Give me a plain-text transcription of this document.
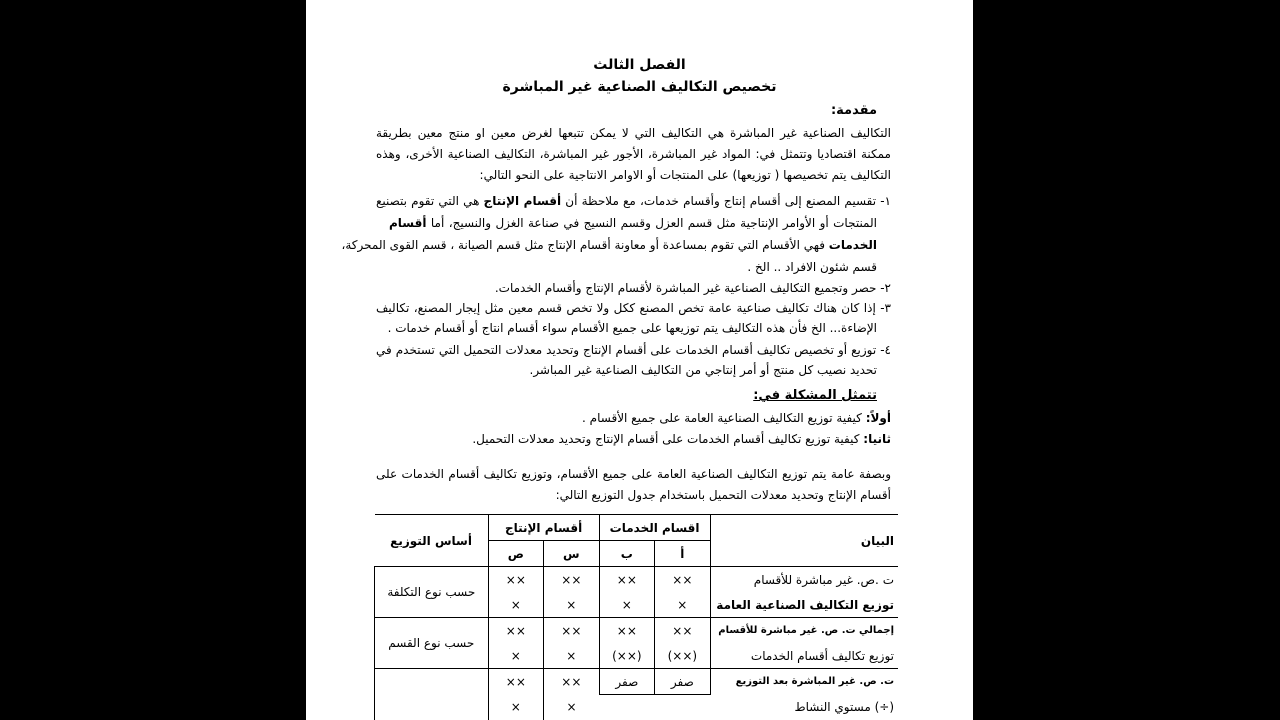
الفصل الثالث
تخصيص التكاليف الصناعية غير المباشرة
مقدمة:

التكاليف الصناعية غير المباشرة هي التكاليف التي لا يمكن تتبعها لغرض معين او منتج معين بطريقة

ممكنة اقتصاديا وتتمثل في: المواد غير المباشرة، الأجور غير المباشرة، التكاليف الصناعية الأخرى، وهذه

التكاليف يتم تخصيصها ( توزيعها) على المنتجات أو الاوامر الانتاجية على النحو التالي:

١- تقسيم المصنع إلى أقسام إنتاج وأقسام خدمات، مع ملاحظة أن أقسام الإنتاج هي التي تقوم بتصنيع

المنتجات أو الأوامر الإنتاجية مثل قسم العزل وقسم النسيج في صناعة الغزل والنسيج، أما أقسام

الخدمات فهي الأقسام التي تقوم بمساعدة أو معاونة أقسام الإنتاج مثل قسم الصيانة ، قسم القوى المحركة،

قسم شئون الافراد .. الخ .

٢- حصر وتجميع التكاليف الصناعية غير المباشرة لأقسام الإنتاج وأقسام الخدمات.

٣- إذا كان هناك تكاليف صناعية عامة تخص المصنع ككل ولا تخص قسم معين مثل إيجار المصنع، تكاليف

الإضاءة... الخ فأن هذه التكاليف يتم توزيعها على جميع الأقسام سواء أقسام انتاج أو أقسام خدمات .

٤- توزيع أو تخصيص تكاليف أقسام الخدمات على أقسام الإنتاج وتحديد معدلات التحميل التي تستخدم في

تحديد نصيب كل منتج أو أمر إنتاجي من التكاليف الصناعية غير المباشر.

تتمثل المشكلة في:

أولاً: كيفية توزيع التكاليف الصناعية العامة على جميع الأقسام .

ثانيا: كيفية توزيع تكاليف أقسام الخدمات على أقسام الإنتاج وتحديد معدلات التحميل.

وبصفة عامة يتم توزيع التكاليف الصناعية العامة على جميع الأقسام، وتوزيع تكاليف أقسام الخدمات على

أقسام الإنتاج وتحديد معدلات التحميل باستخدام جدول التوزيع التالي:

البيان	اقسام الخدمات		أقسام الإنتاج		أساس التوزيع
	أ	ب	س	ص	
ت .ص. غير مباشرة للأقسام	××	××	××	××	حسب نوع التكلفة
توزيع التكاليف الصناعية العامة	×	×	×	×	
إجمالي ت. ص. غير مباشرة للأقسام	××	××	××	××	حسب نوع القسم
توزيع تكاليف أقسام الخدمات	(××)	(××)	×	×	
ت. ص. غير المباشرة بعد التوزيع	صفر	صفر	××	××	
(÷) مستوي النشاط			×	×	
